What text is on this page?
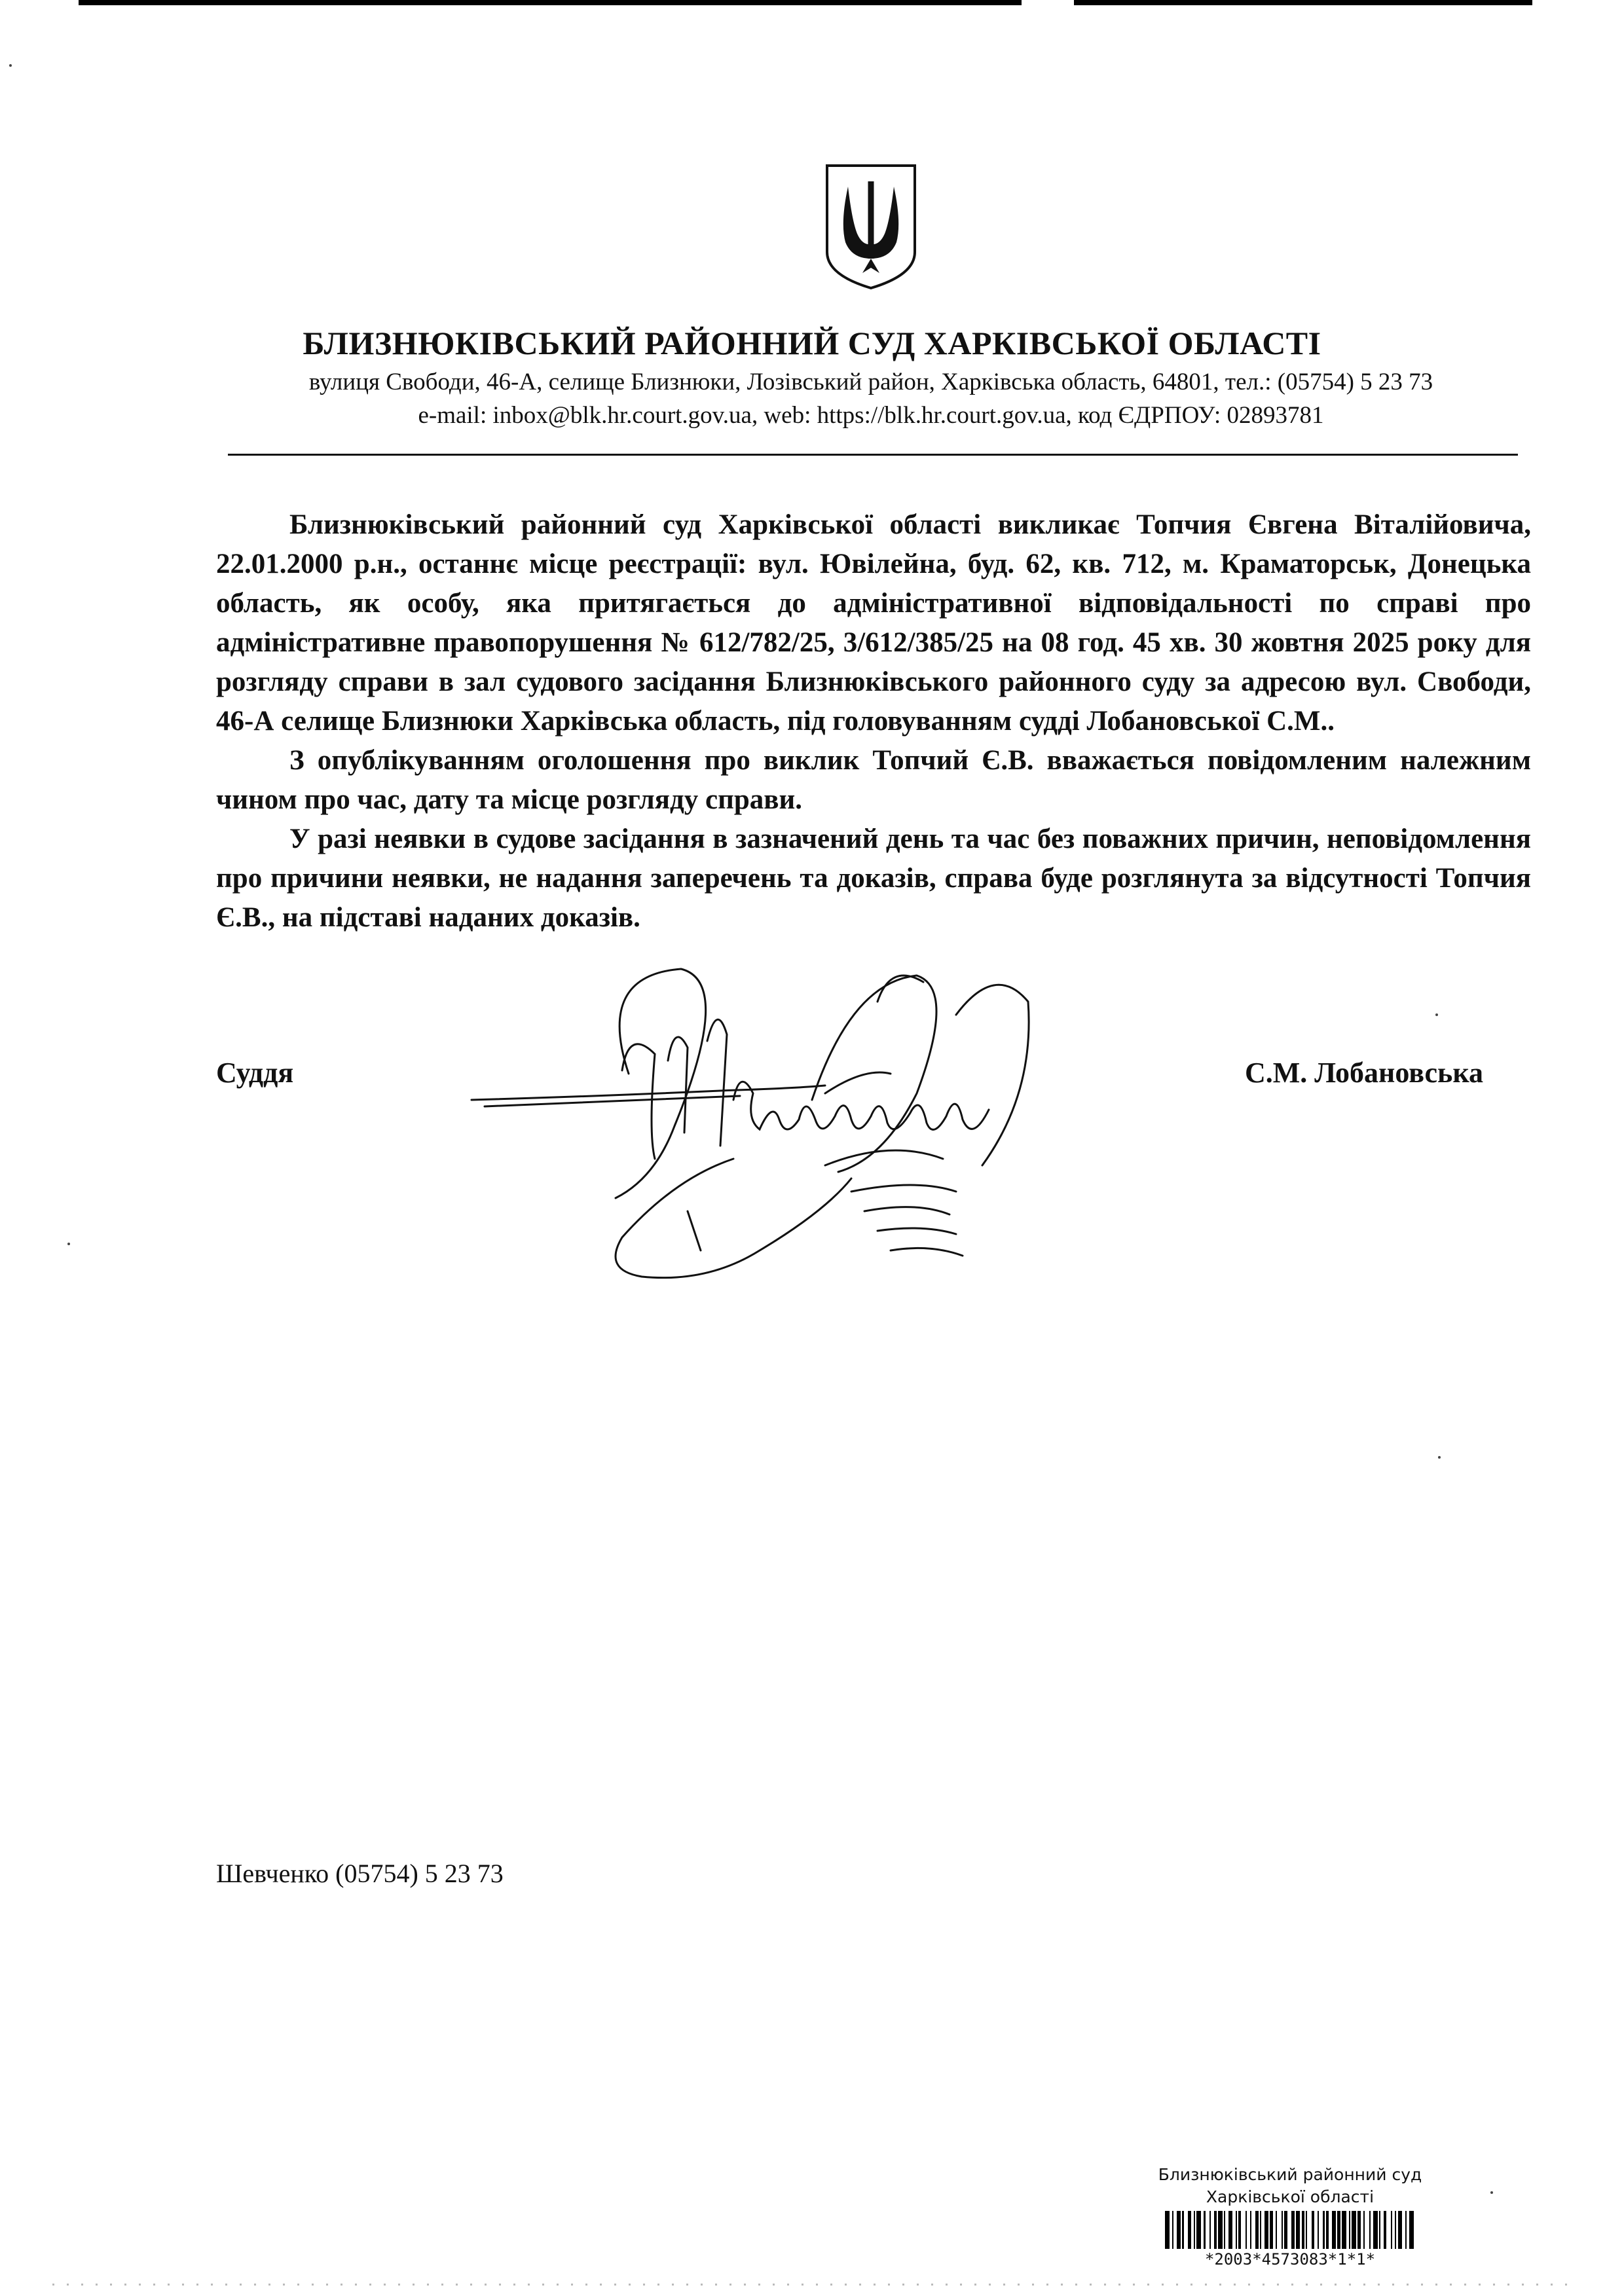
БЛИЗНЮКІВСЬКИЙ РАЙОННИЙ СУД ХАРКІВСЬКОЇ ОБЛАСТІ
вулиця Свободи, 46-А, селище Близнюки, Лозівський район, Харківська область, 64801, тел.: (05754) 5 23 73
e-mail: inbox@blk.hr.court.gov.ua, web: https://blk.hr.court.gov.ua, код ЄДРПОУ: 02893781

Близнюківський районний суд Харківської області викликає Топчия Євгена Віталійовича, 22.01.2000 р.н., останнє місце реєстрації: вул. Ювілейна, буд. 62, кв. 712, м. Краматорськ, Донецька область, як особу, яка притягається до адміністративної відповідальності по справі про адміністративне правопорушення № 612/782/25, 3/612/385/25 на 08 год. 45 хв. 30 жовтня 2025 року для розгляду справи в зал судового засідання Близнюківського районного суду за адресою вул. Свободи, 46-А селище Близнюки Харківська область, під головуванням судді Лобановської С.М..

З опублікуванням оголошення про виклик Топчий Є.В. вважається повідомленим належним чином про час, дату та місце розгляду справи.

У разі неявки в судове засідання в зазначений день та час без поважних причин, неповідомлення про причини неявки, не надання заперечень та доказів, справа буде розглянута за відсутності Топчия Є.В., на підставі наданих доказів.

Суддя	С.М. Лобановська
Шевченко (05754) 5 23 73
Близнюківський районний суд
Харківської області
*2003*4573083*1*1*
